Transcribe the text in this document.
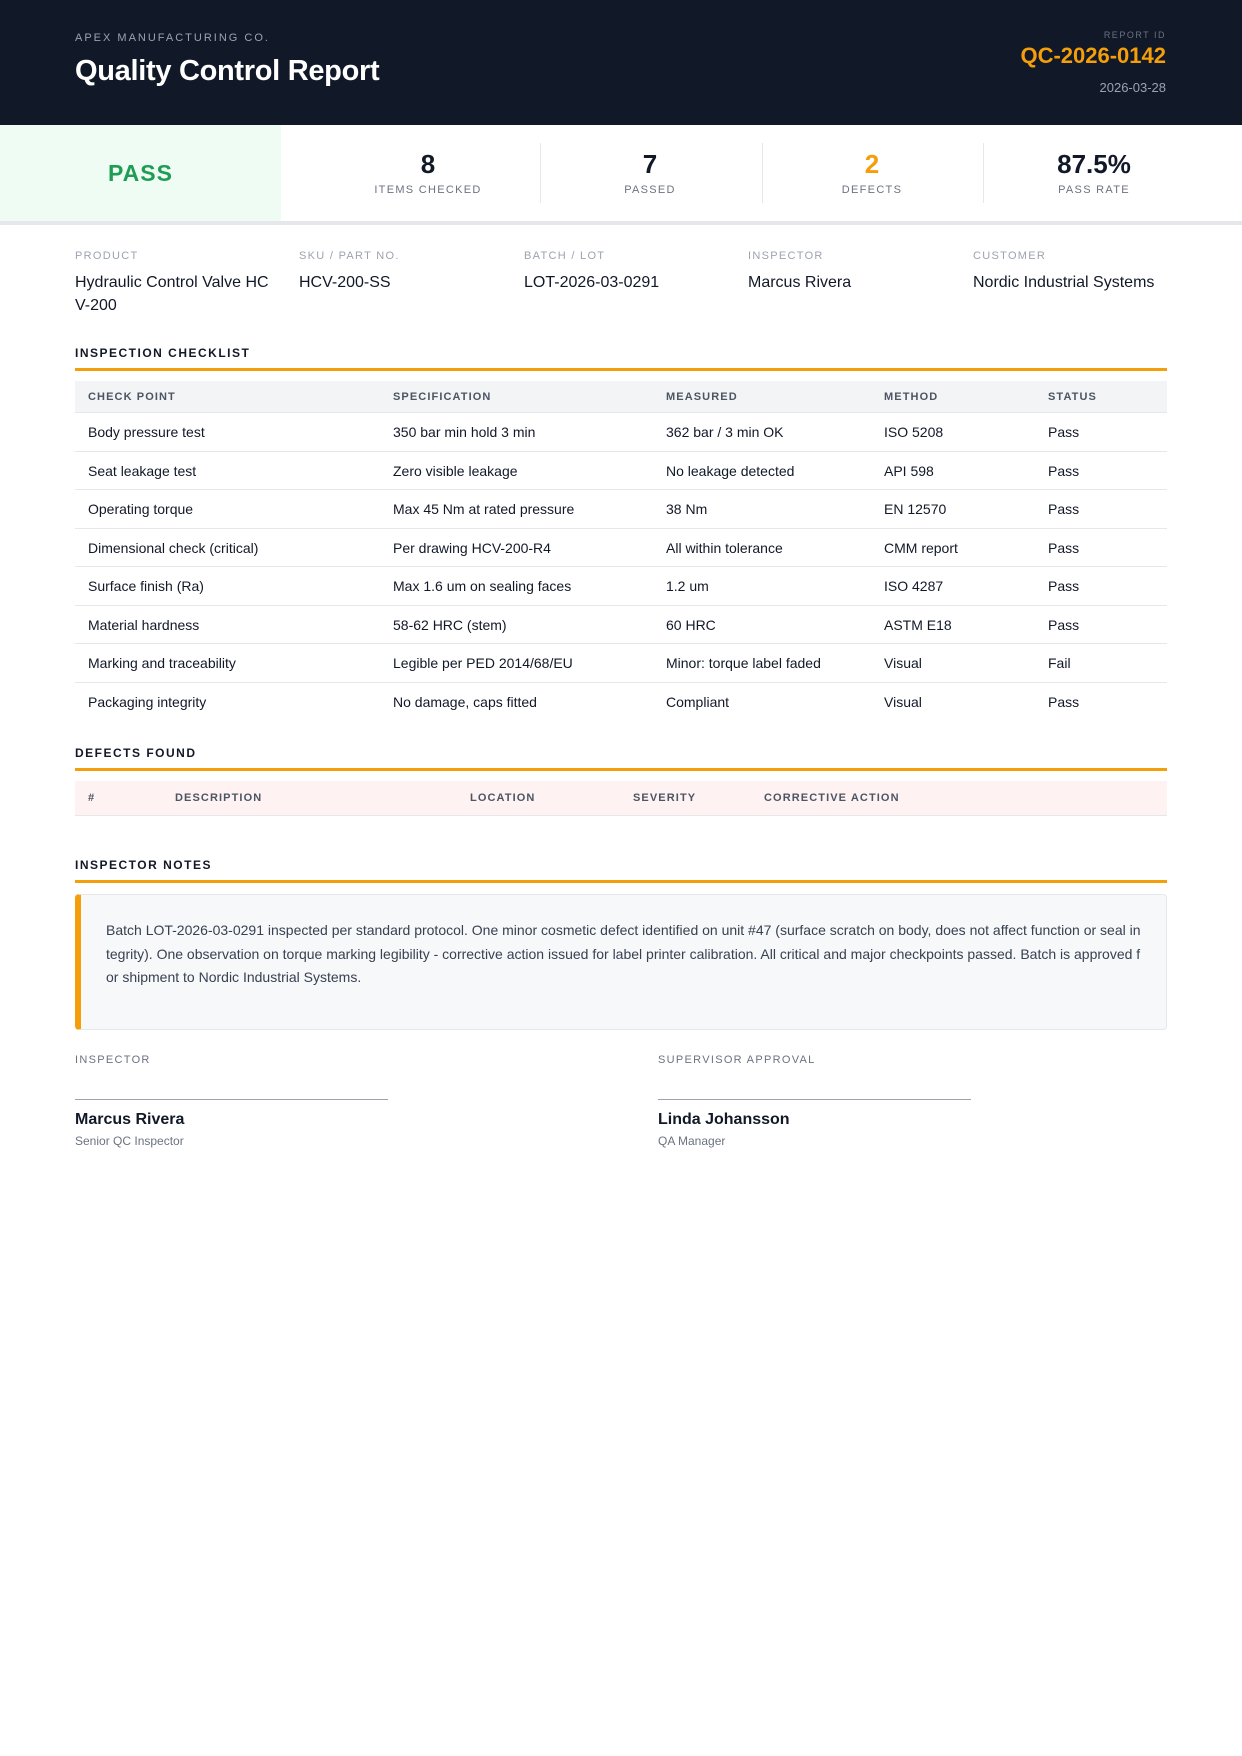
APEX MANUFACTURING CO.
Quality Control Report
REPORT ID
QC-2026-0142
2026-03-28
PASS	8
ITEMS CHECKED
7
PASSED
2
DEFECTS
87.5%
PASS RATE
PRODUCT
Hydraulic Control Valve HCV-200
SKU / PART NO.
HCV-200-SS
BATCH / LOT
LOT-2026-03-0291
INSPECTOR
Marcus Rivera
CUSTOMER
Nordic Industrial Systems
INSPECTION CHECKLIST
CHECK POINT	SPECIFICATION	MEASURED	METHOD	STATUS
Body pressure test	350 bar min hold 3 min	362 bar / 3 min OK	ISO 5208	Pass
Seat leakage test	Zero visible leakage	No leakage detected	API 598	Pass
Operating torque	Max 45 Nm at rated pressure	38 Nm	EN 12570	Pass
Dimensional check (critical)	Per drawing HCV-200-R4	All within tolerance	CMM report	Pass
Surface finish (Ra)	Max 1.6 um on sealing faces	1.2 um	ISO 4287	Pass
Material hardness	58-62 HRC (stem)	60 HRC	ASTM E18	Pass
Marking and traceability	Legible per PED 2014/68/EU	Minor: torque label faded	Visual	Fail
Packaging integrity	No damage, caps fitted	Compliant	Visual	Pass
DEFECTS FOUND
#	DESCRIPTION	LOCATION	SEVERITY	CORRECTIVE ACTION
INSPECTOR NOTES

Batch LOT-2026-03-0291 inspected per standard protocol. One minor cosmetic defect identified on unit #47 (surface scratch on body, does not affect function or seal integrity). One observation on torque marking legibility - corrective action issued for label printer calibration. All critical and major checkpoints passed. Batch is approved for shipment to Nordic Industrial Systems.

INSPECTOR
Marcus Rivera
Senior QC Inspector
SUPERVISOR APPROVAL
Linda Johansson
QA Manager
